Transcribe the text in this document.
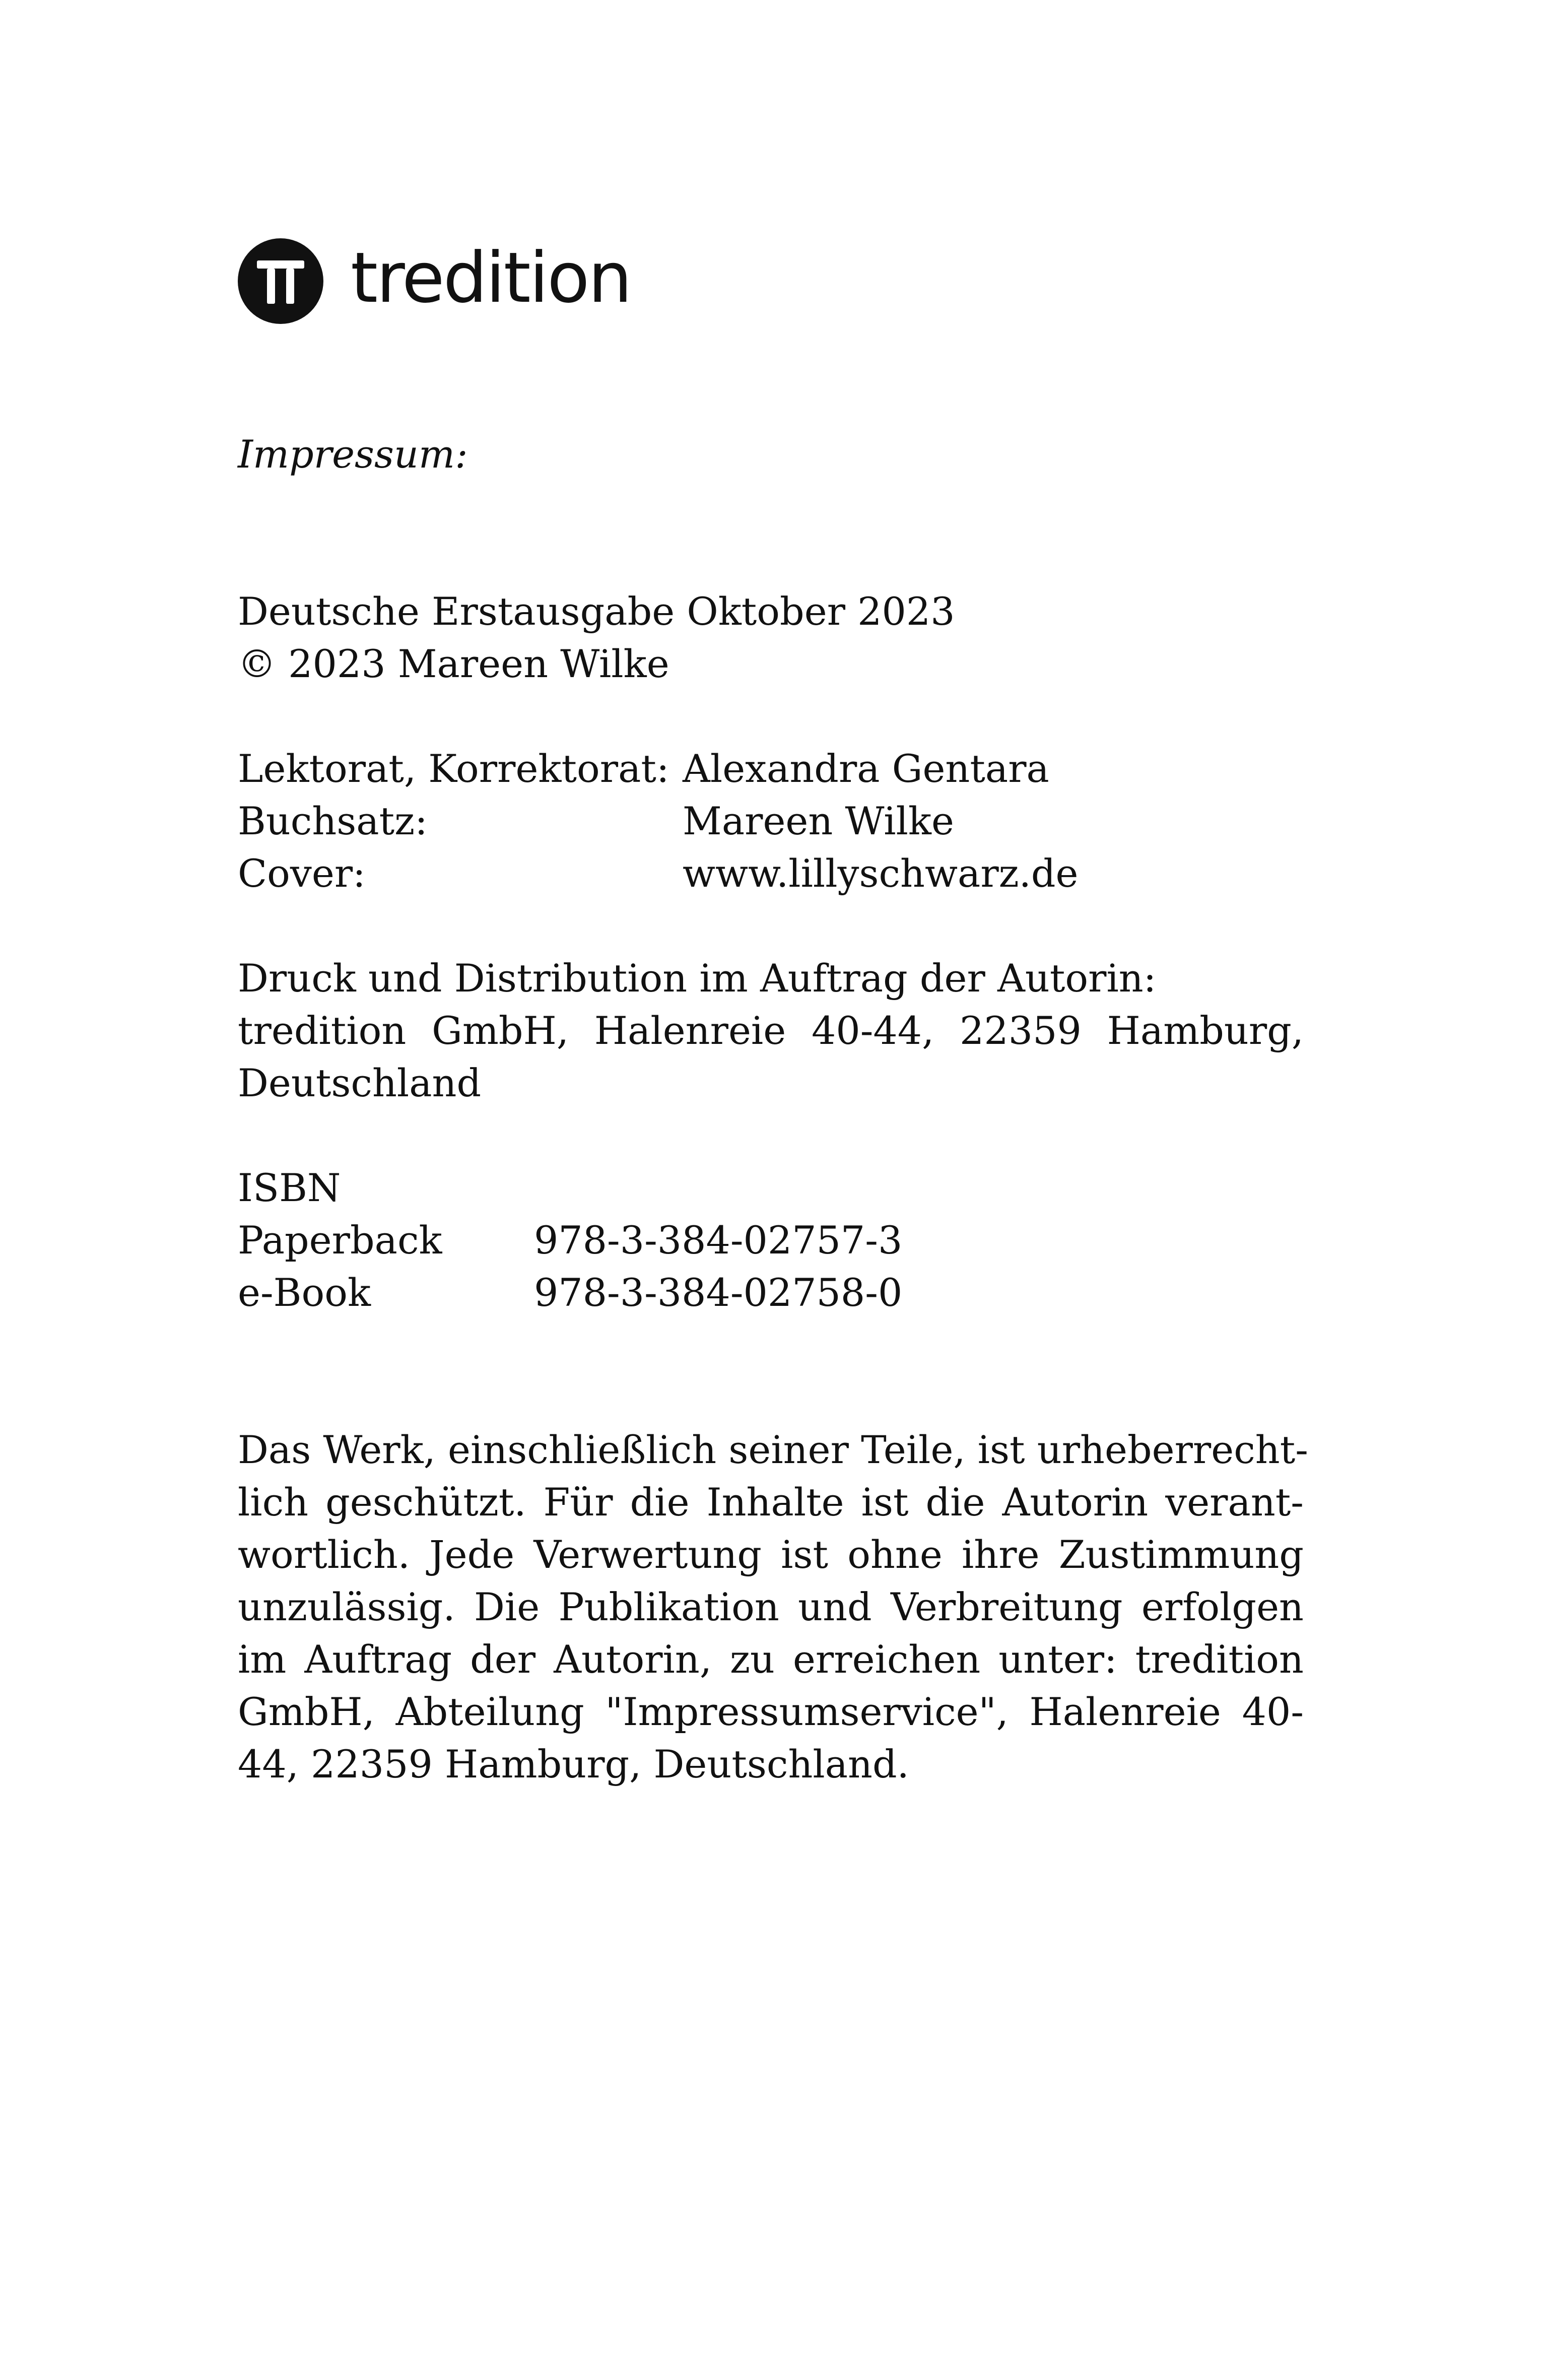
tredition

Impressum:

Deutsche Erstausgabe Oktober 2023

© 2023 Mareen Wilke

Lektorat, Korrektorat: Alexandra Gentara
Buchsatz:	Mareen Wilke
Cover:	www.lillyschwarz.de

Druck und Distribution im Auftrag der Autorin:

tredition GmbH, Halenreie 40-44, 22359 Hamburg,

Deutschland

ISBN

Paperback	978-3-384-02757-3
e-Book	978-3-384-02758-0

Das Werk, einschließlich seiner Teile, ist urheberrecht-

lich geschützt. Für die Inhalte ist die Autorin verant-

wortlich. Jede Verwertung ist ohne ihre Zustimmung

unzulässig. Die Publikation und Verbreitung erfolgen

im Auftrag der Autorin, zu erreichen unter: tredition

GmbH, Abteilung "Impressumservice", Halenreie 40-

44, 22359 Hamburg, Deutschland.
